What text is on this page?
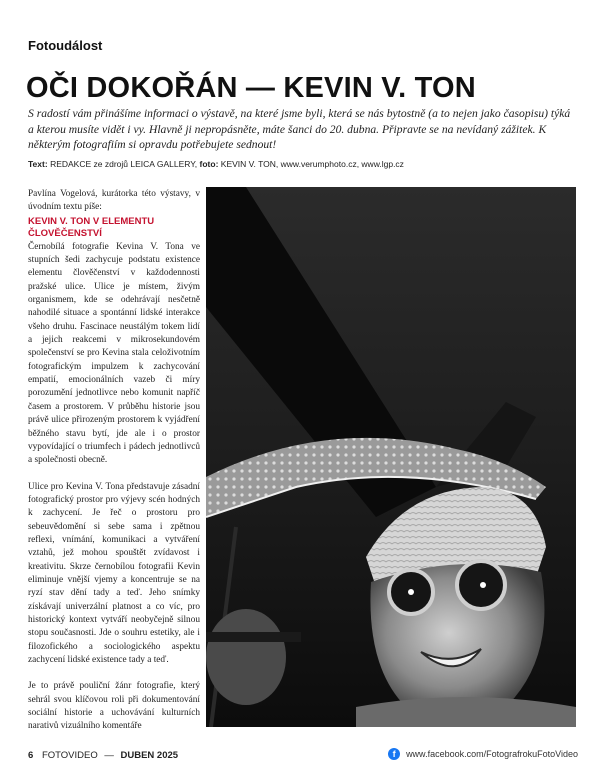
Fotoudálost
OČI DOKOŘÁN — KEVIN V. TON

S radostí vám přinášíme informaci o výstavě, na které jsme byli, která se nás bytostně (a to nejen jako časopisu) týká a kterou musíte vidět i vy. Hlavně ji nepropásněte, máte šanci do 20. dubna. Připravte se na nevídaný zážitek. K některým fotografiím si opravdu potřebujete sednout!

Text: REDAKCE ze zdrojů LEICA GALLERY, foto: KEVIN V. TON, www.verumphoto.cz, www.lgp.cz

Pavlína Vogelová, kurátorka této výstavy, v úvodním textu píše:

KEVIN V. TON V ELEMENTU ČLOVĚČENSTVÍ

Černobílá fotografie Kevina V. Tona ve stupních šedi zachycuje podstatu existence elementu člověčenství v každodennosti pražské ulice. Ulice je místem, živým organismem, kde se odehrávají nesčetně nahodilé situace a spontánní lidské interakce všeho druhu. Fascinace neustálým tokem lidí a jejich reakcemi v mikrosekundovém společenství se pro Kevina stala celoživotním fotografickým impulzem k zachycování empatií, emocionálních vazeb či míry porozumění jednotlivce nebo komunit napříč časem a prostorem. V průběhu historie jsou právě ulice přirozeným prostorem k vyjádření běžného stavu bytí, jde ale i o prostor vypovídající o triumfech i pádech jednotlivců a společnosti obecně.

Ulice pro Kevina V. Tona představuje zásadní fotografický prostor pro výjevy scén hodných k zachycení. Je řeč o prostoru pro sebeuvědomění si sebe sama i zpětnou reflexi, vnímání, komunikaci a vytváření vztahů, jež mohou spouštět zvídavost i kreativitu. Skrze černobílou fotografii Kevin eliminuje vnější vjemy a koncentruje se na ryzí stav dění tady a teď. Jeho snímky získávají univerzální platnost a co víc, pro historický kontext vytváří neobyčejně silnou stopu současnosti. Jde o souhru estetiky, ale i filozofického a sociologického aspektu zachycení lidské existence tady a teď.

Je to právě pouliční žánr fotografie, který sehrál svou klíčovou roli při dokumentování sociální historie a uchovávání kulturních narativů vizuálního komentáře

6 FOTOVIDEO — DUBEN 2025	f	www.facebook.com/FotografrokuFotoVideo
